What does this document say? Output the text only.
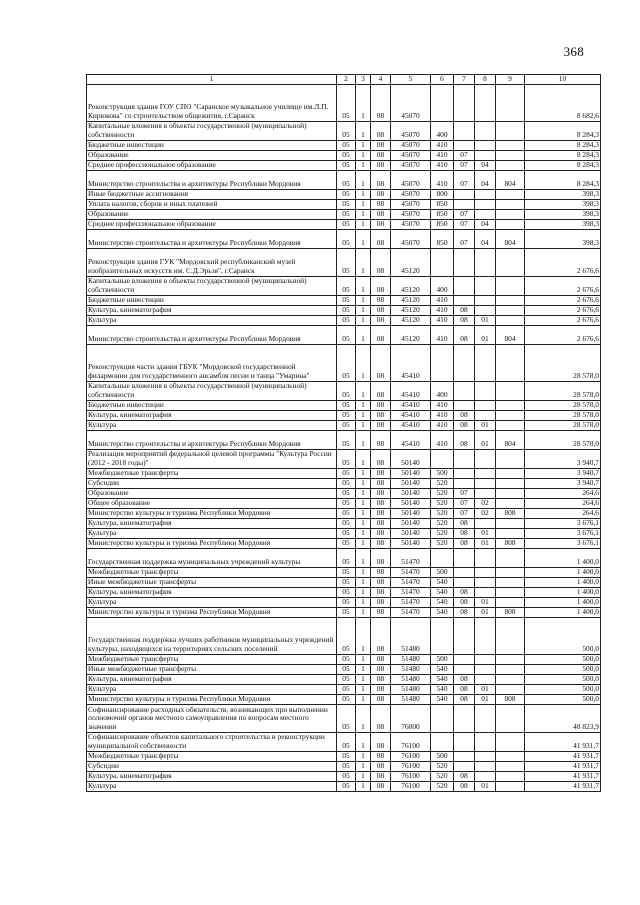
368
1	2	3	4	5	6	7	8	9	10
Реконструкция здания ГОУ СПО "Саранское музыкальное училище им.Л.П. Кирюкова" со строительством общежития, г.Саранск	05	1	08	45070					8 682,6
Капитальные вложения в объекты государственной (муниципальной) собственности	05	1	08	45070	400				8 284,3
Бюджетные инвестиции	05	1	08	45070	410				8 284,3
Образование	05	1	08	45070	410	07			8 284,3
Среднее профессиональное образование	05	1	08	45070	410	07	04		8 284,3
Министерство строительства и архитектуры Республики Мордовия	05	1	08	45070	410	07	04	804	8 284,3
Иные бюджетные ассигнования	05	1	08	45070	800				398,3
Уплата налогов, сборов и иных платежей	05	1	08	45070	850				398,3
Образование	05	1	08	45070	850	07			398,3
Среднее профессиональное образование	05	1	08	45070	850	07	04		398,3
Министерство строительства и архитектуры Республики Мордовия	05	1	08	45070	850	07	04	804	398,3
Реконструкция здания ГУК "Мордовский республиканский музей изобразительных искусств им. С.Д.Эрьзя", г.Саранск	05	1	08	45120					2 676,6
Капитальные вложения в объекты государственной (муниципальной) собственности	05	1	08	45120	400				2 676,6
Бюджетные инвестиции	05	1	08	45120	410				2 676,6
Культура, кинематография	05	1	08	45120	410	08			2 676,6
Культура	05	1	08	45120	410	08	01		2 676,6
Министерство строительства и архитектуры Республики Мордовия	05	1	08	45120	410	08	01	804	2 676,6
Реконструкция части здания ГБУК "Мордовской государственной филармонии для государственного ансамбля песни и танца "Умарина"	05	1	08	45410					28 578,0
Капитальные вложения в объекты государственной (муниципальной) собственности	05	1	08	45410	400				28 578,0
Бюджетные инвестиции	05	1	08	45410	410				28 578,0
Культура, кинематография	05	1	08	45410	410	08			28 578,0
Культура	05	1	08	45410	410	08	01		28 578,0
Министерство строительства и архитектуры Республики Мордовия	05	1	08	45410	410	08	01	804	28 578,0
Реализация мероприятий федеральной целевой программы "Культура России (2012 - 2018 годы)"	05	1	08	50140					3 940,7
Межбюджетные трансферты	05	1	08	50140	500				3 940,7
Субсидии	05	1	08	50140	520				3 940,7
Образование	05	1	08	50140	520	07			264,6
Общее образование	05	1	08	50140	520	07	02		264,6
Министерство культуры и туризма Республики Мордовия	05	1	08	50140	520	07	02	808	264,6
Культура, кинематография	05	1	08	50140	520	08			3 676,1
Культура	05	1	08	50140	520	08	01		3 676,1
Министерство культуры и туризма Республики Мордовия	05	1	08	50140	520	08	01	808	3 676,1
Государственная поддержка муниципальных учреждений культуры	05	1	08	51470					1 400,0
Межбюджетные трансферты	05	1	08	51470	500				1 400,0
Иные межбюджетные трансферты	05	1	08	51470	540				1 400,0
Культура, кинематография	05	1	08	51470	540	08			1 400,0
Культура	05	1	08	51470	540	08	01		1 400,0
Министерство культуры и туризма Республики Мордовия	05	1	08	51470	540	08	01	808	1 400,0
Государственная поддержка лучших работников муниципальных учреждений культуры, находящихся на территориях сельских поселений	05	1	08	51480					500,0
Межбюджетные трансферты	05	1	08	51480	500				500,0
Иные межбюджетные трансферты	05	1	08	51480	540				500,0
Культура, кинематография	05	1	08	51480	540	08			500,0
Культура	05	1	08	51480	540	08	01		500,0
Министерство культуры и туризма Республики Мордовия	05	1	08	51480	540	08	01	808	500,0
Софинансирование расходных обязательств, возникающих при выполнении полномочий органов местного самоуправления по вопросам местного значения	05	1	08	76000					48 823,9
Софинансирование объектов капитального строительства и реконструкции муниципальной собственности	05	1	08	76100					41 931,7
Межбюджетные трансферты	05	1	08	76100	500				41 931,7
Субсидии	05	1	08	76100	520				41 931,7
Культура, кинематография	05	1	08	76100	520	08			41 931,7
Культура	05	1	08	76100	520	08	01		41 931,7
